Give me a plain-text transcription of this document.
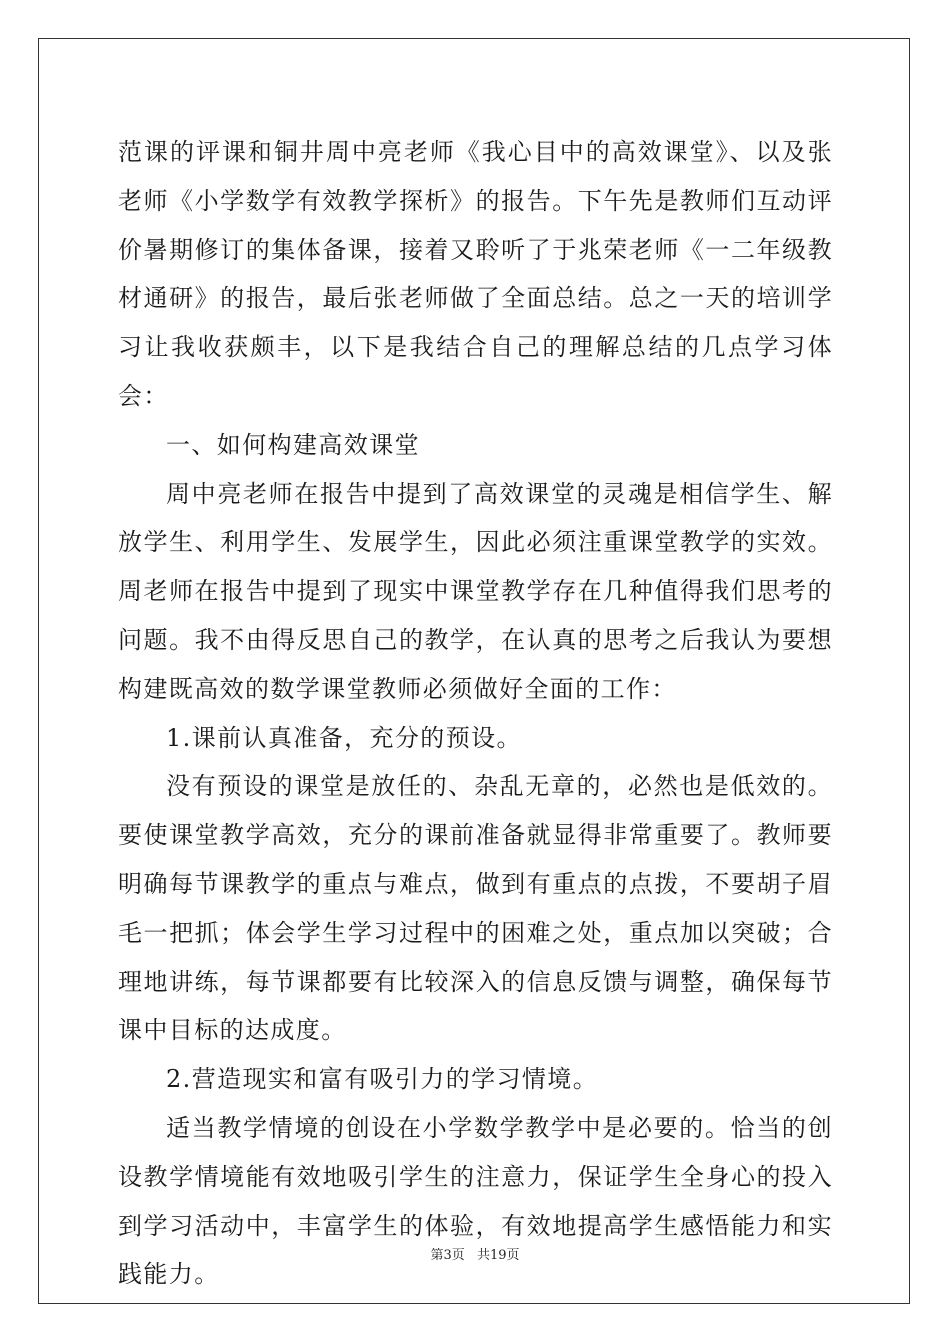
范课的评课和铜井周中亮老师《我心目中的高效课堂》、以及张老师《小学数学有效教学探析》的报告。下午先是教师们互动评价暑期修订的集体备课，接着又聆听了于兆荣老师《一二年级教材通研》的报告，最后张老师做了全面总结。总之一天的培训学习让我收获颇丰，以下是我结合自己的理解总结的几点学习体会：

一、如何构建高效课堂

周中亮老师在报告中提到了高效课堂的灵魂是相信学生、解放学生、利用学生、发展学生，因此必须注重课堂教学的实效。周老师在报告中提到了现实中课堂教学存在几种值得我们思考的问题。我不由得反思自己的教学，在认真的思考之后我认为要想构建既高效的数学课堂教师必须做好全面的工作：

1.课前认真准备，充分的预设。

没有预设的课堂是放任的、杂乱无章的，必然也是低效的。要使课堂教学高效，充分的课前准备就显得非常重要了。教师要明确每节课教学的重点与难点，做到有重点的点拨，不要胡子眉毛一把抓；体会学生学习过程中的困难之处，重点加以突破；合理地讲练，每节课都要有比较深入的信息反馈与调整，确保每节课中目标的达成度。

2.营造现实和富有吸引力的学习情境。

适当教学情境的创设在小学数学教学中是必要的。恰当的创设教学情境能有效地吸引学生的注意力，保证学生全身心的投入到学习活动中，丰富学生的体验，有效地提高学生感悟能力和实践能力。

第3页 共19页
